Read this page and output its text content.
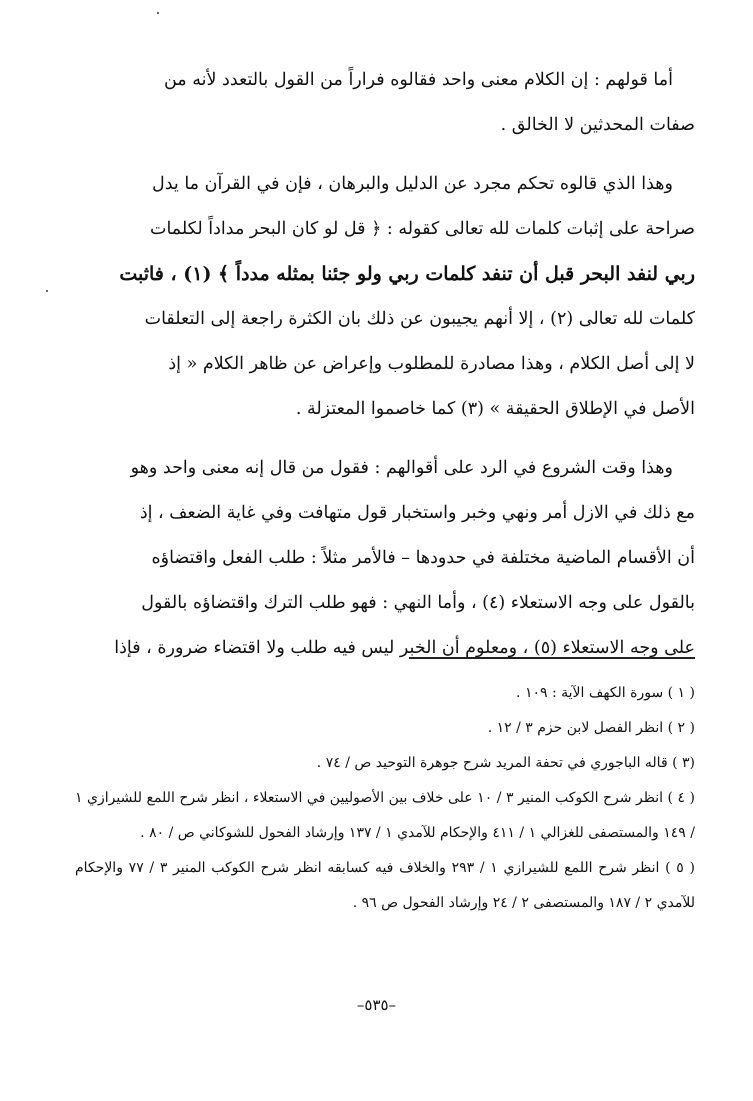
أما قولهم : إن الكلام معنى واحد فقالوه فراراً من القول بالتعدد لأنه من

صفات المحدثين لا الخالق .

وهذا الذي قالوه تحكم مجرد عن الدليل والبرهان ، فإن في القرآن ما يدل

صراحة على إثبات كلمات لله تعالى كقوله : ﴿ قل لو كان البحر مداداً لكلمات

ربي لنفد البحر قبل أن تنفد كلمات ربي ولو جئنا بمثله مدداً ﴾ (١) ، فاثبت

كلمات لله تعالى (٢) ، إلا أنهم يجيبون عن ذلك بان الكثرة راجعة إلى التعلقات

لا إلى أصل الكلام ، وهذا مصادرة للمطلوب وإعراض عن ظاهر الكلام « إذ

الأصل في الإطلاق الحقيقة » (٣) كما خاصموا المعتزلة .

وهذا وقت الشروع في الرد على أقوالهم : فقول من قال إنه معنى واحد وهو

مع ذلك في الازل أمر ونهي وخبر واستخبار قول متهافت وفي غاية الضعف ، إذ

أن الأقسام الماضية مختلفة في حدودها – فالأمر مثلاً : طلب الفعل واقتضاؤه

بالقول على وجه الاستعلاء (٤) ، وأما النهي : فهو طلب الترك واقتضاؤه بالقول

على وجه الاستعلاء (٥) ، ومعلوم أن الخبر ليس فيه طلب ولا اقتضاء ضرورة ، فإذا

( ١ ) سورة الكهف الآية : ١٠٩ .

( ٢ ) انظر الفصل لابن حزم ٣ / ١٢ .

(٣ ) قاله الباجوري في تحفة المريد شرح جوهرة التوحيد ص / ٧٤ .

( ٤ ) انظر شرح الكوكب المنير ٣ / ١٠ على خلاف بين الأصوليين في الاستعلاء ، انظر شرح اللمع للشيرازي ١ / ١٤٩ والمستصفى للغزالي ١ / ٤١١ والإحكام للآمدي ١ / ١٣٧ وإرشاد الفحول للشوكاني ص / ٨٠ .

( ٥ ) انظر شرح اللمع للشيرازي ١ / ٢٩٣ والخلاف فيه كسابقه انظر شرح الكوكب المنير ٣ / ٧٧ والإحكام للآمدي ٢ / ١٨٧ والمستصفى ٢ / ٢٤ وإرشاد الفحول ص ٩٦ .

–٥٣٥–
